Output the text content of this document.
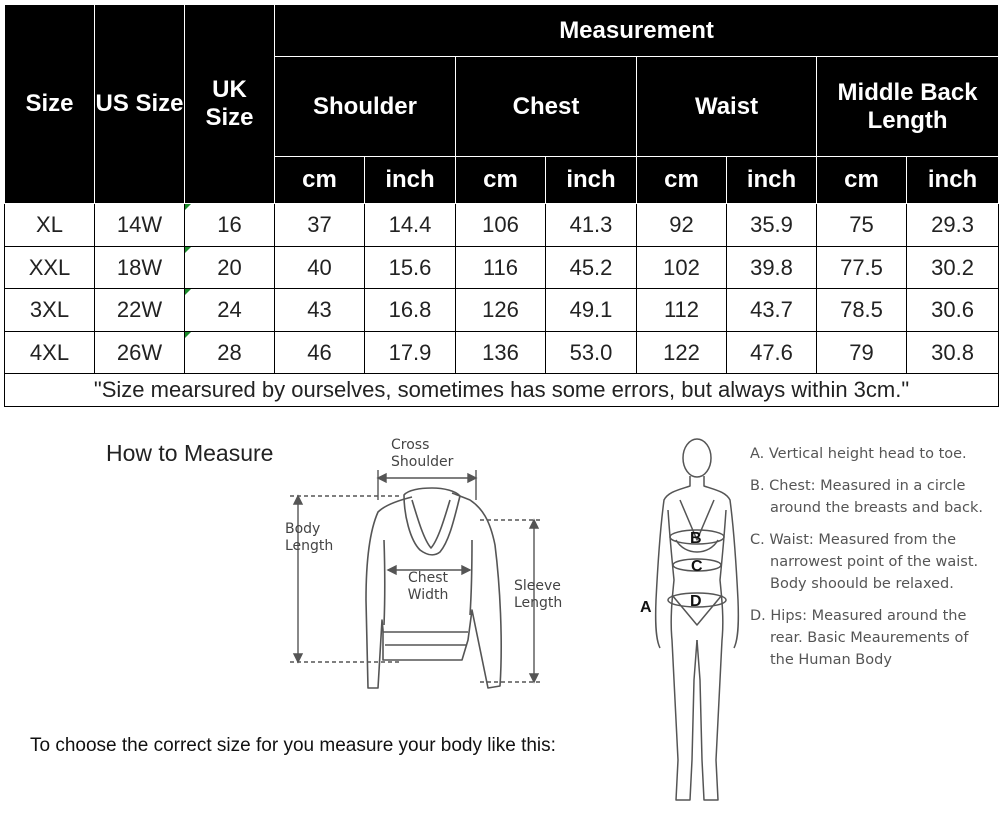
Size	US Size	UK Size	Measurement							
			Shoulder		Chest		Waist		Middle Back Length	
			cm	inch	cm	inch	cm	inch	cm	inch
XL	14W	16	37	14.4	106	41.3	92	35.9	75	29.3
XXL	18W	20	40	15.6	116	45.2	102	39.8	77.5	30.2
3XL	22W	24	43	16.8	126	49.1	112	43.7	78.5	30.6
4XL	26W	28	46	17.9	136	53.0	122	47.6	79	30.8
"Size mearsured by ourselves, sometimes has some errors, but always within 3cm."										
How to Measure
To choose the correct size for you measure your body like this:
B
C
D
A
Cross Shoulder
Body Length
Chest Width
Sleeve Length

A. Vertical height head to toe.

B. Chest: Measured in a circle around the breasts and back.

C. Waist: Measured from the narrowest point of the waist. Body shoould be relaxed.

D. Hips: Measured around the rear. Basic Meaurements of the Human Body
